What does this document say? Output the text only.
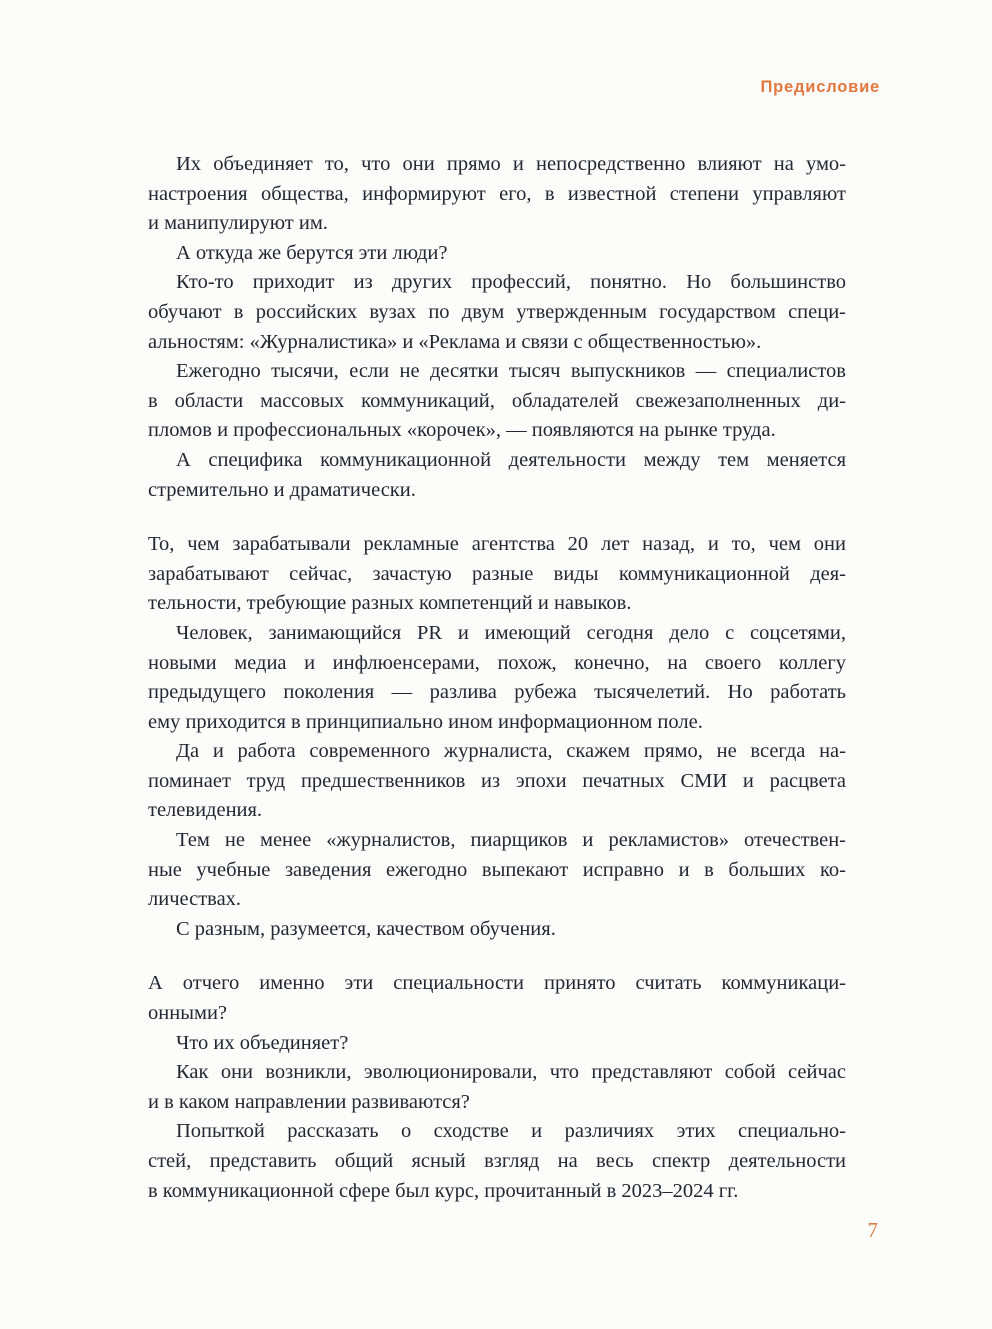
Предисловие
Их объединяет то, что они прямо и непосредственно влияют на умо-
настроения общества, информируют его, в известной степени управляют
и манипулируют им.
А откуда же берутся эти люди?
Кто-то приходит из других профессий, понятно. Но большинство
обучают в российских вузах по двум утвержденным государством специ-
альностям: «Журналистика» и «Реклама и связи с общественностью».
Ежегодно тысячи, если не десятки тысяч выпускников — специалистов
в области массовых коммуникаций, обладателей свежезаполненных ди-
пломов и профессиональных «корочек», — появляются на рынке труда.
А специфика коммуникационной деятельности между тем меняется
стремительно и драматически.
То, чем зарабатывали рекламные агентства 20 лет назад, и то, чем они
зарабатывают сейчас, зачастую разные виды коммуникационной дея-
тельности, требующие разных компетенций и навыков.
Человек, занимающийся PR и имеющий сегодня дело с соцсетями,
новыми медиа и инфлюенсерами, похож, конечно, на своего коллегу
предыдущего поколения — разлива рубежа тысячелетий. Но работать
ему приходится в принципиально ином информационном поле.
Да и работа современного журналиста, скажем прямо, не всегда на-
поминает труд предшественников из эпохи печатных СМИ и расцвета
телевидения.
Тем не менее «журналистов, пиарщиков и рекламистов» отечествен-
ные учебные заведения ежегодно выпекают исправно и в больших ко-
личествах.
С разным, разумеется, качеством обучения.
А отчего именно эти специальности принято считать коммуникаци-
онными?
Что их объединяет?
Как они возникли, эволюционировали, что представляют собой сейчас
и в каком направлении развиваются?
Попыткой рассказать о сходстве и различиях этих специально-
стей, представить общий ясный взгляд на весь спектр деятельности
в коммуникационной сфере был курс, прочитанный в 2023–2024 гг.
7
